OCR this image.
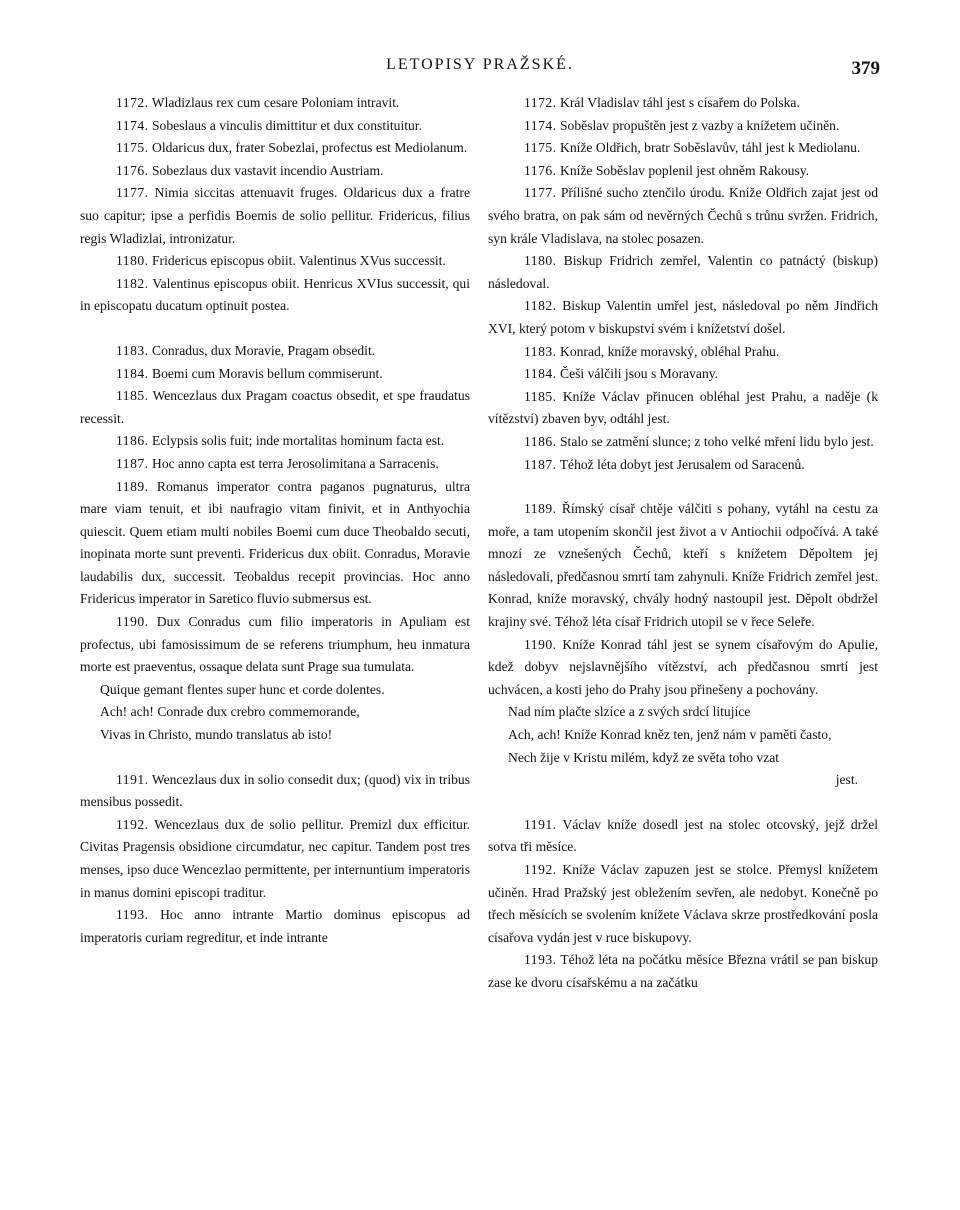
LETOPISY PRAŽSKÉ.	379

1172. Wladizlaus rex cum cesare Poloniam intravit.

1174. Sobeslaus a vinculis dimittitur et dux constituitur.

1175. Oldaricus dux, frater Sobezlai, profectus est Mediolanum.

1176. Sobezlaus dux vastavit incendio Austriam.

1177. Nimia siccitas attenuavit fruges. Oldaricus dux a fratre suo capitur; ipse a perfidis Boemis de solio pellitur. Fridericus, filius regis Wladizlai, intronizatur.

1180. Fridericus episcopus obiit. Valentinus XVus successit.

1182. Valentinus episcopus obiit. Henricus XVIus successit, qui in episcopatu ducatum optinuit postea.

1183. Conradus, dux Moravie, Pragam obsedit.

1184. Boemi cum Moravis bellum commiserunt.

1185. Wencezlaus dux Pragam coactus obsedit, et spe fraudatus recessit.

1186. Eclypsis solis fuit; inde mortalitas hominum facta est.

1187. Hoc anno capta est terra Jerosolimitana a Sarracenis.

1189. Romanus imperator contra paganos pugnaturus, ultra mare viam tenuit, et ibi naufragio vitam finivit, et in Anthyochia quiescit. Quem etiam multi nobiles Boemi cum duce Theobaldo secuti, inopinata morte sunt preventi. Fridericus dux obiit. Conradus, Moravie laudabilis dux, successit. Teobaldus recepit provincias. Hoc anno Fridericus imperator in Saretico fluvio submersus est.

1190. Dux Conradus cum filio imperatoris in Apuliam est profectus, ubi famosissimum de se referens triumphum, heu inmatura morte est praeventus, ossaque delata sunt Prage sua tumulata.

Quique gemant flentes super hunc et corde dolentes.

Ach! ach! Conrade dux crebro commemorande,

Vivas in Christo, mundo translatus ab isto!

1191. Wencezlaus dux in solio consedit dux; (quod) vix in tribus mensibus possedit.

1192. Wencezlaus dux de solio pellitur. Premizl dux efficitur. Civitas Pragensis obsidione circumdatur, nec capitur. Tandem post tres menses, ipso duce Wencezlao permittente, per internuntium imperatoris in manus domini episcopi traditur.

1193. Hoc anno intrante Martio dominus episcopus ad imperatoris curiam regreditur, et inde intrante

1172. Král Vladislav táhl jest s císařem do Polska.

1174. Soběslav propuštěn jest z vazby a knížetem učiněn.

1175. Kníže Oldřich, bratr Soběslavův, táhl jest k Mediolanu.

1176. Kníže Soběslav poplenil jest ohněm Rakousy.

1177. Přílišné sucho ztenčilo úrodu. Kníže Oldřich zajat jest od svého bratra, on pak sám od nevěrných Čechů s trůnu svržen. Fridrich, syn krále Vladislava, na stolec posazen.

1180. Biskup Fridrich zemřel, Valentin co patnáctý (biskup) následoval.

1182. Biskup Valentin umřel jest, následoval po něm Jindřich XVI, který potom v biskupství svém i knížetství došel.

1183. Konrad, kníže moravský, obléhal Prahu.

1184. Češi válčili jsou s Moravany.

1185. Kníže Václav přinucen obléhal jest Prahu, a naděje (k vítězství) zbaven byv, odtáhl jest.

1186. Stalo se zatmění slunce; z toho velké mření lidu bylo jest.

1187. Téhož léta dobyt jest Jerusalem od Saracenů.

1189. Římský císař chtěje válčiti s pohany, vytáhl na cestu za moře, a tam utopením skončil jest život a v Antiochii odpočívá. A také mnozí ze vznešených Čechů, kteří s knížetem Děpoltem jej následovali, předčasnou smrtí tam zahynuli. Kníže Fridrich zemřel jest. Konrad, kníže moravský, chvály hodný nastoupil jest. Děpolt obdržel krajiny své. Téhož léta císař Fridrich utopil se v řece Seleře.

1190. Kníže Konrad táhl jest se synem císařovým do Apulie, kdež dobyv nejslavnějšího vítězství, ach předčasnou smrtí jest uchvácen, a kosti jeho do Prahy jsou přinešeny a pochovány.

Nad ním plačte slzíce a z svých srdcí litujíce

Ach, ach! Kníže Konrad kněz ten, jenž nám v paměti často,

Nech žije v Kristu milém, když ze světa toho vzat

jest.

1191. Václav kníže dosedl jest na stolec otcovský, jejž držel sotva tři měsíce.

1192. Kníže Václav zapuzen jest se stolce. Přemysl knížetem učiněn. Hrad Pražský jest obležením sevřen, ale nedobyt. Konečně po třech měsících se svolením knížete Václava skrze prostředkování posla císařova vydán jest v ruce biskupovy.

1193. Téhož léta na počátku měsíce Března vrátil se pan biskup zase ke dvoru císařskému a na začátku
